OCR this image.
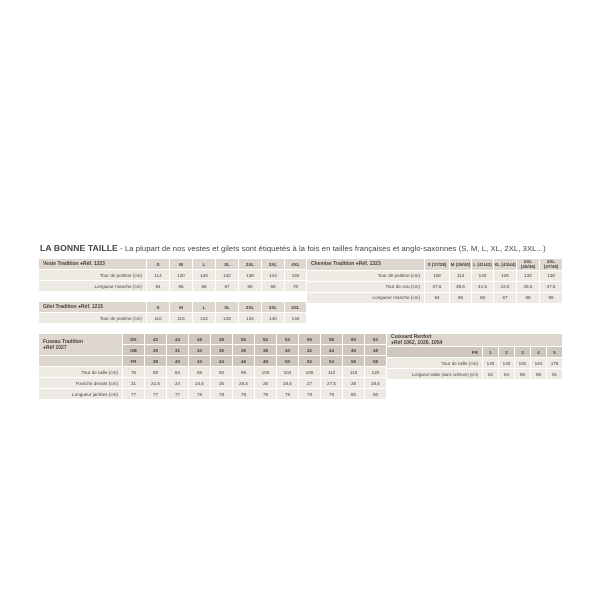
LA BONNE TAILLE - La plupart de nos vestes et gilets sont étiquetés à la fois en tailles françaises et anglo-saxonnes (S, M, L, XL, 2XL, 3XL...)
Veste Tradition ●Réf. 1323	S	M	L	XL	2XL	3XL	4XL
Tour de poitrine (cm)	114	120	126	132	138	144	150
Longueur manche (cm)	64	65	66	67	68	69	70
Gilet Tradition ●Réf. 1215	S	M	L	XL	2XL	3XL	4XL
Tour de poitrine (cm)	110	116	122	128	134	140	146
Chemise Tradition ●Réf. 1323	S (37/38)	M (39/40)	L (41/42)	XL (43/44)	2XL (45/46)	3XL (47/48)
Tour de poitrine (cm)	108	114	120	126	132	138
Tour de cou (cm)	37,5	39,5	41,5	43,5	45,5	47,5
Longueur manche (cm)	64	65	66	67	68	69
Fuseau Tradition
●Réf 1027	DK	42	44	46	48	50	52	54	56	58	60	62
	GB	30	31	33	35	36	38	40	42	44	46	48
	FR	38	40	42	44	46	48	50	52	54	56	58
Tour de taille (cm)	76	80	84	88	92	96	100	104	108	112	116	120
Fourche devant (cm)	21	21,5	24	24,5	25	25,5	26	26,5	27	27,5	28	28,5
Longueur jambes (cm)	77	77	77	78	78	78	79	79	79	79	80	80
Cuissard Renfort
●Réf 1062, 1026, 1054					
FR	1	2	3	4	5
Tour de taille (cm)	128	140	152	164	176
Longueur totale (sans ceinture) (cm)	82	84	86	88	91
